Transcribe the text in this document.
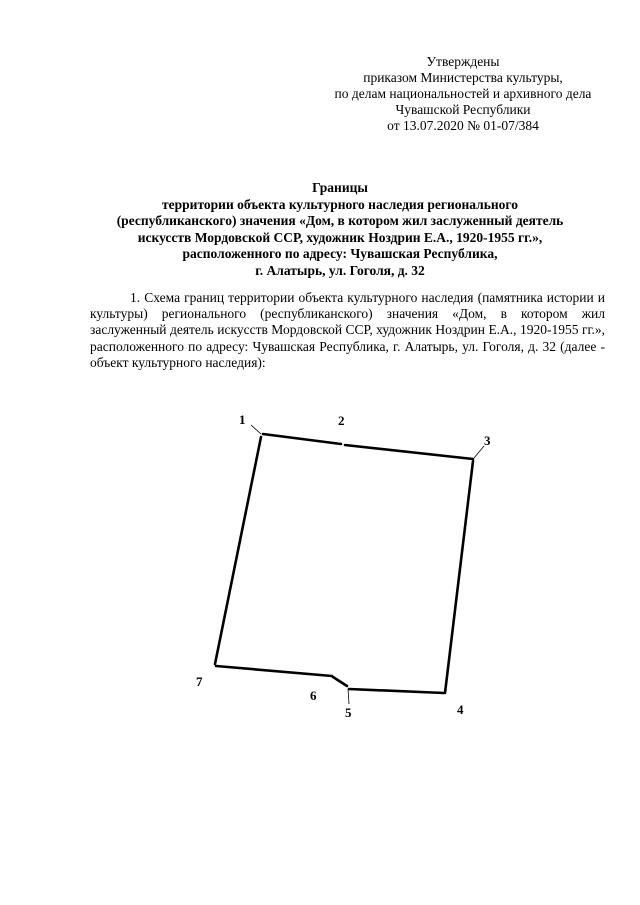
Утверждены
приказом Министерства культуры,
по делам национальностей и архивного дела
Чувашской Республики
от 13.07.2020 № 01-07/384
Границы
территории объекта культурного наследия регионального
(республиканского) значения «Дом, в котором жил заслуженный деятель
искусств Мордовской ССР, художник Ноздрин Е.А., 1920-1955 гг.»,
расположенного по адресу: Чувашская Республика,
г. Алатырь, ул. Гоголя, д. 32

1. Схема границ территории объекта культурного наследия (памятника истории и культуры) регионального (республиканского) значения «Дом, в котором жил заслуженный деятель искусств Мордовской ССР, художник Ноздрин Е.А., 1920-1955 гг.», расположенного по адресу: Чувашская Республика, г. Алатырь, ул. Гоголя, д. 32 (далее - объект культурного наследия):

1	2
3
4
5
6
7
